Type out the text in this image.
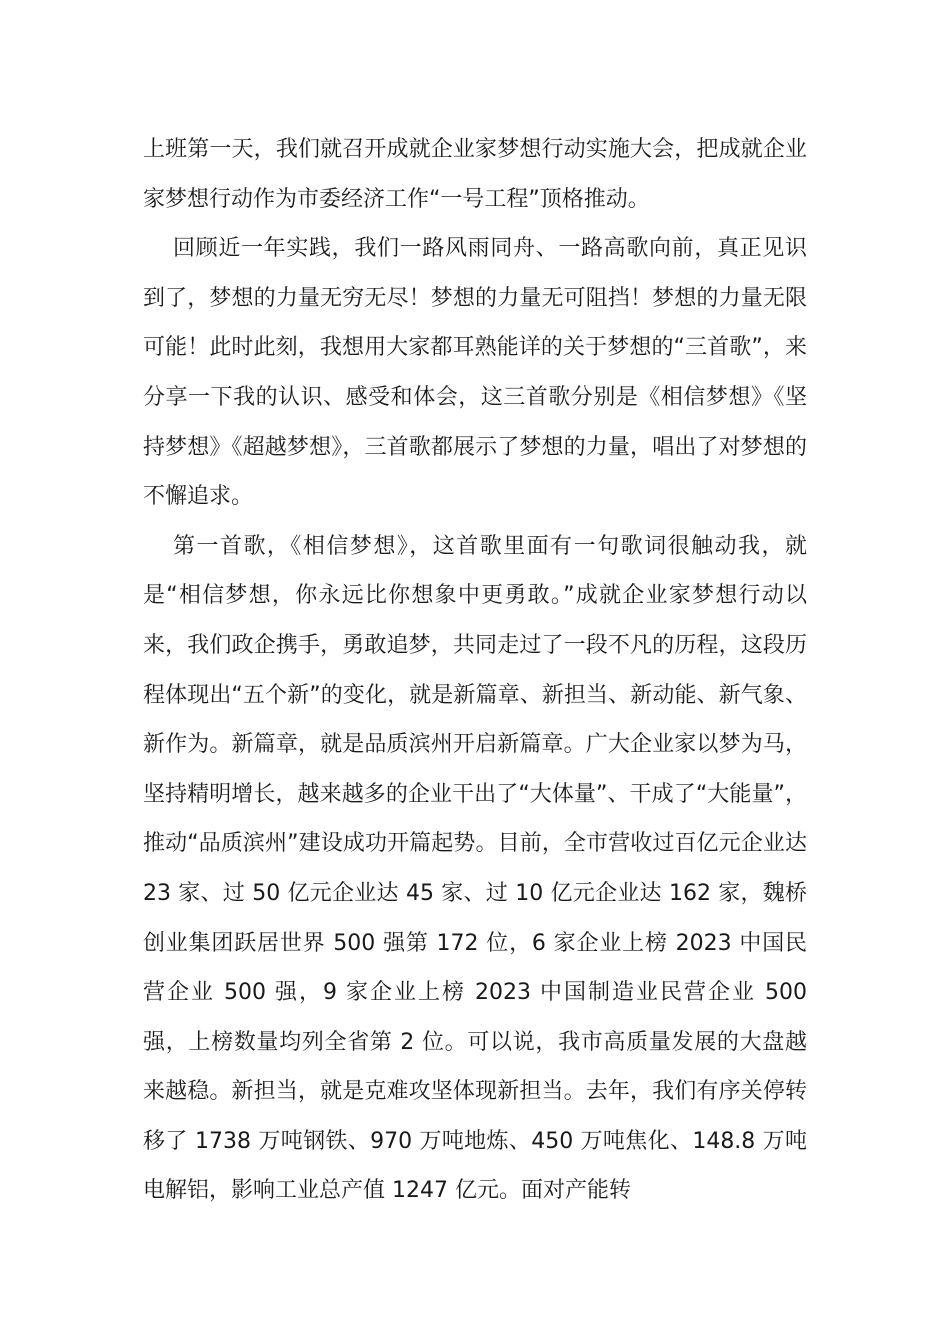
上班第一天，我们就召开成就企业家梦想行动实施大会，把成就企业家梦想行动作为市委经济工作“一号工程”顶格推动。

回顾近一年实践，我们一路风雨同舟、一路高歌向前，真正见识到了，梦想的力量无穷无尽！梦想的力量无可阻挡！梦想的力量无限可能！此时此刻，我想用大家都耳熟能详的关于梦想的“三首歌”，来分享一下我的认识、感受和体会，这三首歌分别是《相信梦想》《坚持梦想》《超越梦想》，三首歌都展示了梦想的力量，唱出了对梦想的不懈追求。

第一首歌，《相信梦想》，这首歌里面有一句歌词很触动我，就是“相信梦想，你永远比你想象中更勇敢。”成就企业家梦想行动以来，我们政企携手，勇敢追梦，共同走过了一段不凡的历程，这段历程体现出“五个新”的变化，就是新篇章、新担当、新动能、新气象、新作为。新篇章，就是品质滨州开启新篇章。广大企业家以梦为马，坚持精明增长，越来越多的企业干出了“大体量”、干成了“大能量”，推动“品质滨州”建设成功开篇起势。目前，全市营收过百亿元企业达 23 家、过 50 亿元企业达 45 家、过 10 亿元企业达 162 家，魏桥创业集团跃居世界 500 强第 172 位，6 家企业上榜 2023 中国民营企业 500 强，9 家企业上榜 2023 中国制造业民营企业 500 强，上榜数量均列全省第 2 位。可以说，我市高质量发展的大盘越来越稳。新担当，就是克难攻坚体现新担当。去年，我们有序关停转移了 1738 万吨钢铁、970 万吨地炼、450 万吨焦化、148.8 万吨电解铝，影响工业总产值 1247 亿元。面对产能转
